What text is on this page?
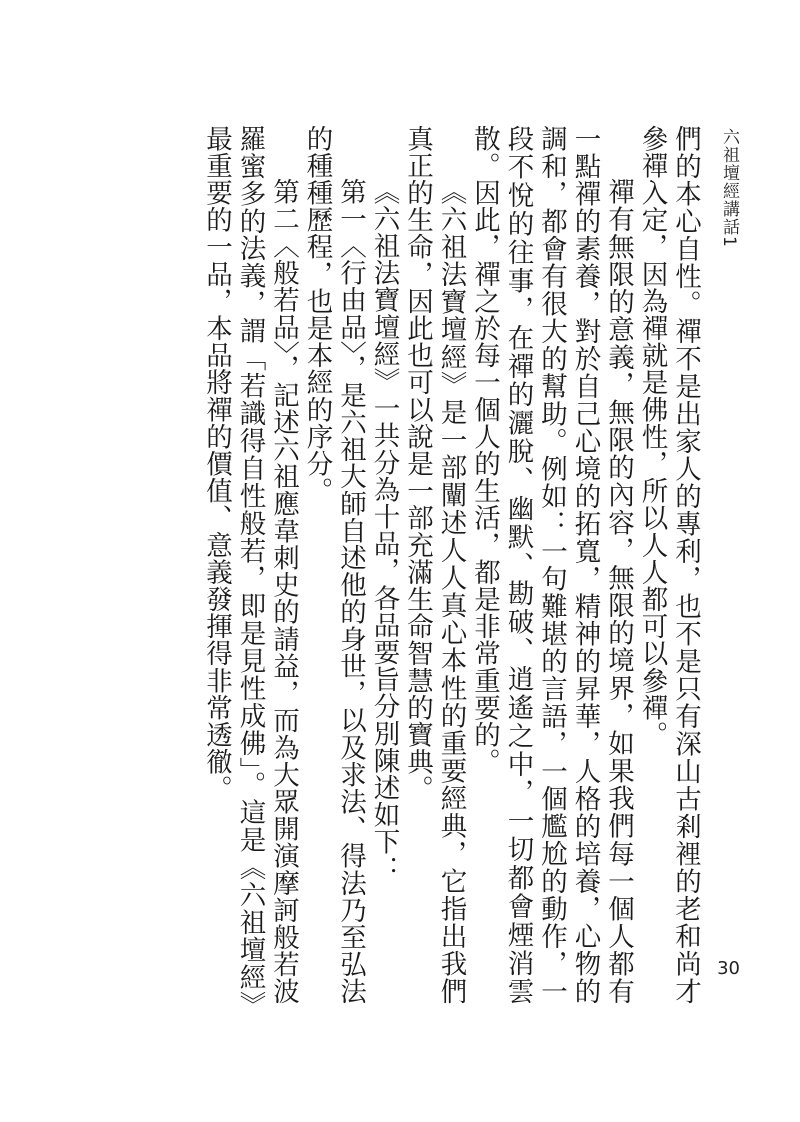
六祖壇經講話1
30

們的本心自性。禪不是出家人的專利，也不是只有深山古剎裡的老和尚才參禪入定，因為禪就是佛性，所以人人都可以參禪。

禪有無限的意義，無限的內容，無限的境界，如果我們每一個人都有一點禪的素養，對於自己心境的拓寬，精神的昇華，人格的培養，心物的調和，都會有很大的幫助。例如：一句難堪的言語，一個尷尬的動作，一段不悅的往事，在禪的灑脫、幽默、勘破、逍遙之中，一切都會煙消雲散。因此，禪之於每一個人的生活，都是非常重要的。

《六祖法寶壇經》是一部闡述人人真心本性的重要經典，它指出我們真正的生命，因此也可以說是一部充滿生命智慧的寶典。

《六祖法寶壇經》一共分為十品，各品要旨分別陳述如下：

第一〈行由品〉，是六祖大師自述他的身世，以及求法、得法乃至弘法的種種歷程，也是本經的序分。

第二〈般若品〉，記述六祖應韋刺史的請益，而為大眾開演摩訶般若波羅蜜多的法義，謂「若識得自性般若，即是見性成佛」。這是《六祖壇經》最重要的一品，本品將禪的價值、意義發揮得非常透徹。
